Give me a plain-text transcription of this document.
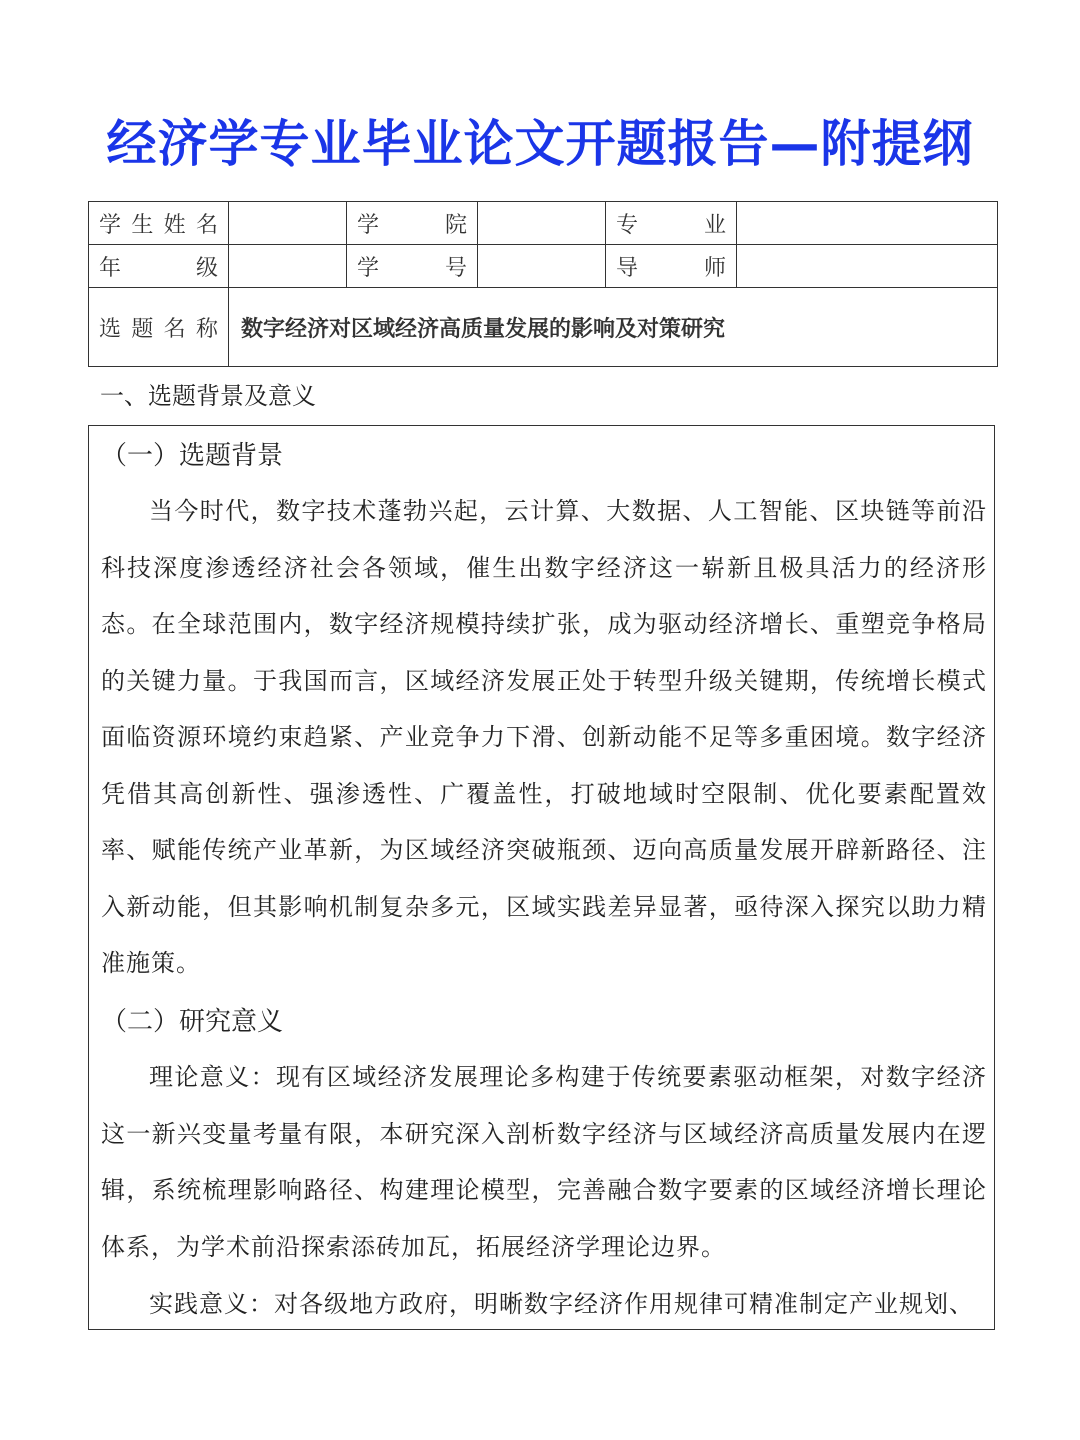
经济学专业毕业论文开题报告—附提纲
学 生 姓 名		学 院		专 业	

年 级		学 号		导 师	

选 题 名 称	数字经济对区域经济高质量发展的影响及对策研究				
一、选题背景及意义
（一）选题背景

当今时代，数字技术蓬勃兴起，云计算、大数据、人工智能、区块链等前沿科技深度渗透经济社会各领域，催生出数字经济这一崭新且极具活力的经济形态。在全球范围内，数字经济规模持续扩张，成为驱动经济增长、重塑竞争格局的关键力量。于我国而言，区域经济发展正处于转型升级关键期，传统增长模式面临资源环境约束趋紧、产业竞争力下滑、创新动能不足等多重困境。数字经济凭借其高创新性、强渗透性、广覆盖性，打破地域时空限制、优化要素配置效率、赋能传统产业革新，为区域经济突破瓶颈、迈向高质量发展开辟新路径、注入新动能，但其影响机制复杂多元，区域实践差异显著，亟待深入探究以助力精准施策。

（二）研究意义

理论意义：现有区域经济发展理论多构建于传统要素驱动框架，对数字经济这一新兴变量考量有限，本研究深入剖析数字经济与区域经济高质量发展内在逻辑，系统梳理影响路径、构建理论模型，完善融合数字要素的区域经济增长理论体系，为学术前沿探索添砖加瓦，拓展经济学理论边界。

实践意义：对各级地方政府，明晰数字经济作用规律可精准制定产业规划、
